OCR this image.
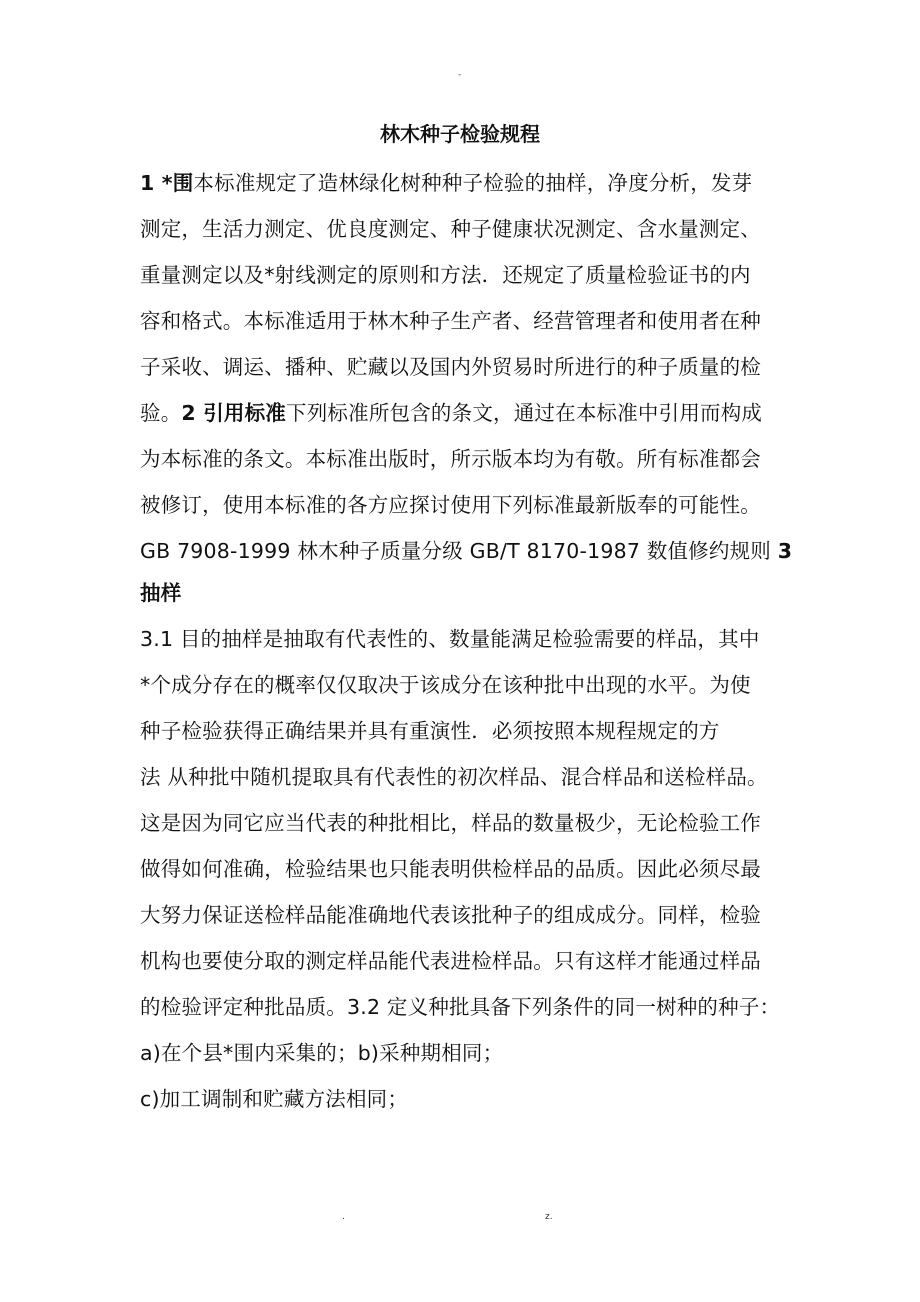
-
林木种子检验规程
1 *围本标准规定了造林绿化树种种子检验的抽样，净度分析，发芽
测定，生活力测定、优良度测定、种子健康状况测定、含水量测定、
重量测定以及*射线测定的原则和方法．还规定了质量检验证书的内
容和格式。本标准适用于林木种子生产者、经营管理者和使用者在种
子采收、调运、播种、贮藏以及国内外贸易时所进行的种子质量的检
验。2 引用标准下列标准所包含的条文，通过在本标准中引用而构成
为本标准的条文。本标准出版时，所示版本均为有敬。所有标准都会
被修订，使用本标准的各方应探讨使用下列标准最新版奉的可能性。
GB 7908-1999 林木种子质量分级 GB/T 8170-1987 数值修约规则 3
抽样
3.1 目的抽样是抽取有代表性的、数量能满足检验需要的样品，其中
*个成分存在的概率仅仅取决于该成分在该种批中出现的水平。为使
种子检验获得正确结果并具有重演性．必须按照本规程规定的方
法 从种批中随机提取具有代表性的初次样品、混合样品和送检样品。
这是因为同它应当代表的种批相比，样品的数量极少，无论检验工作
做得如何准确，检验结果也只能表明供检样品的品质。因此必须尽最
大努力保证送检样品能准确地代表该批种子的组成成分。同样，检验
机构也要使分取的测定样品能代表进检样品。只有这样才能通过样品
的检验评定种批品质。3.2 定义种批具备下列条件的同一树种的种子：
a)在个县*围内采集的；b)采种期相同；
c)加工调制和贮藏方法相同；
.	z.
